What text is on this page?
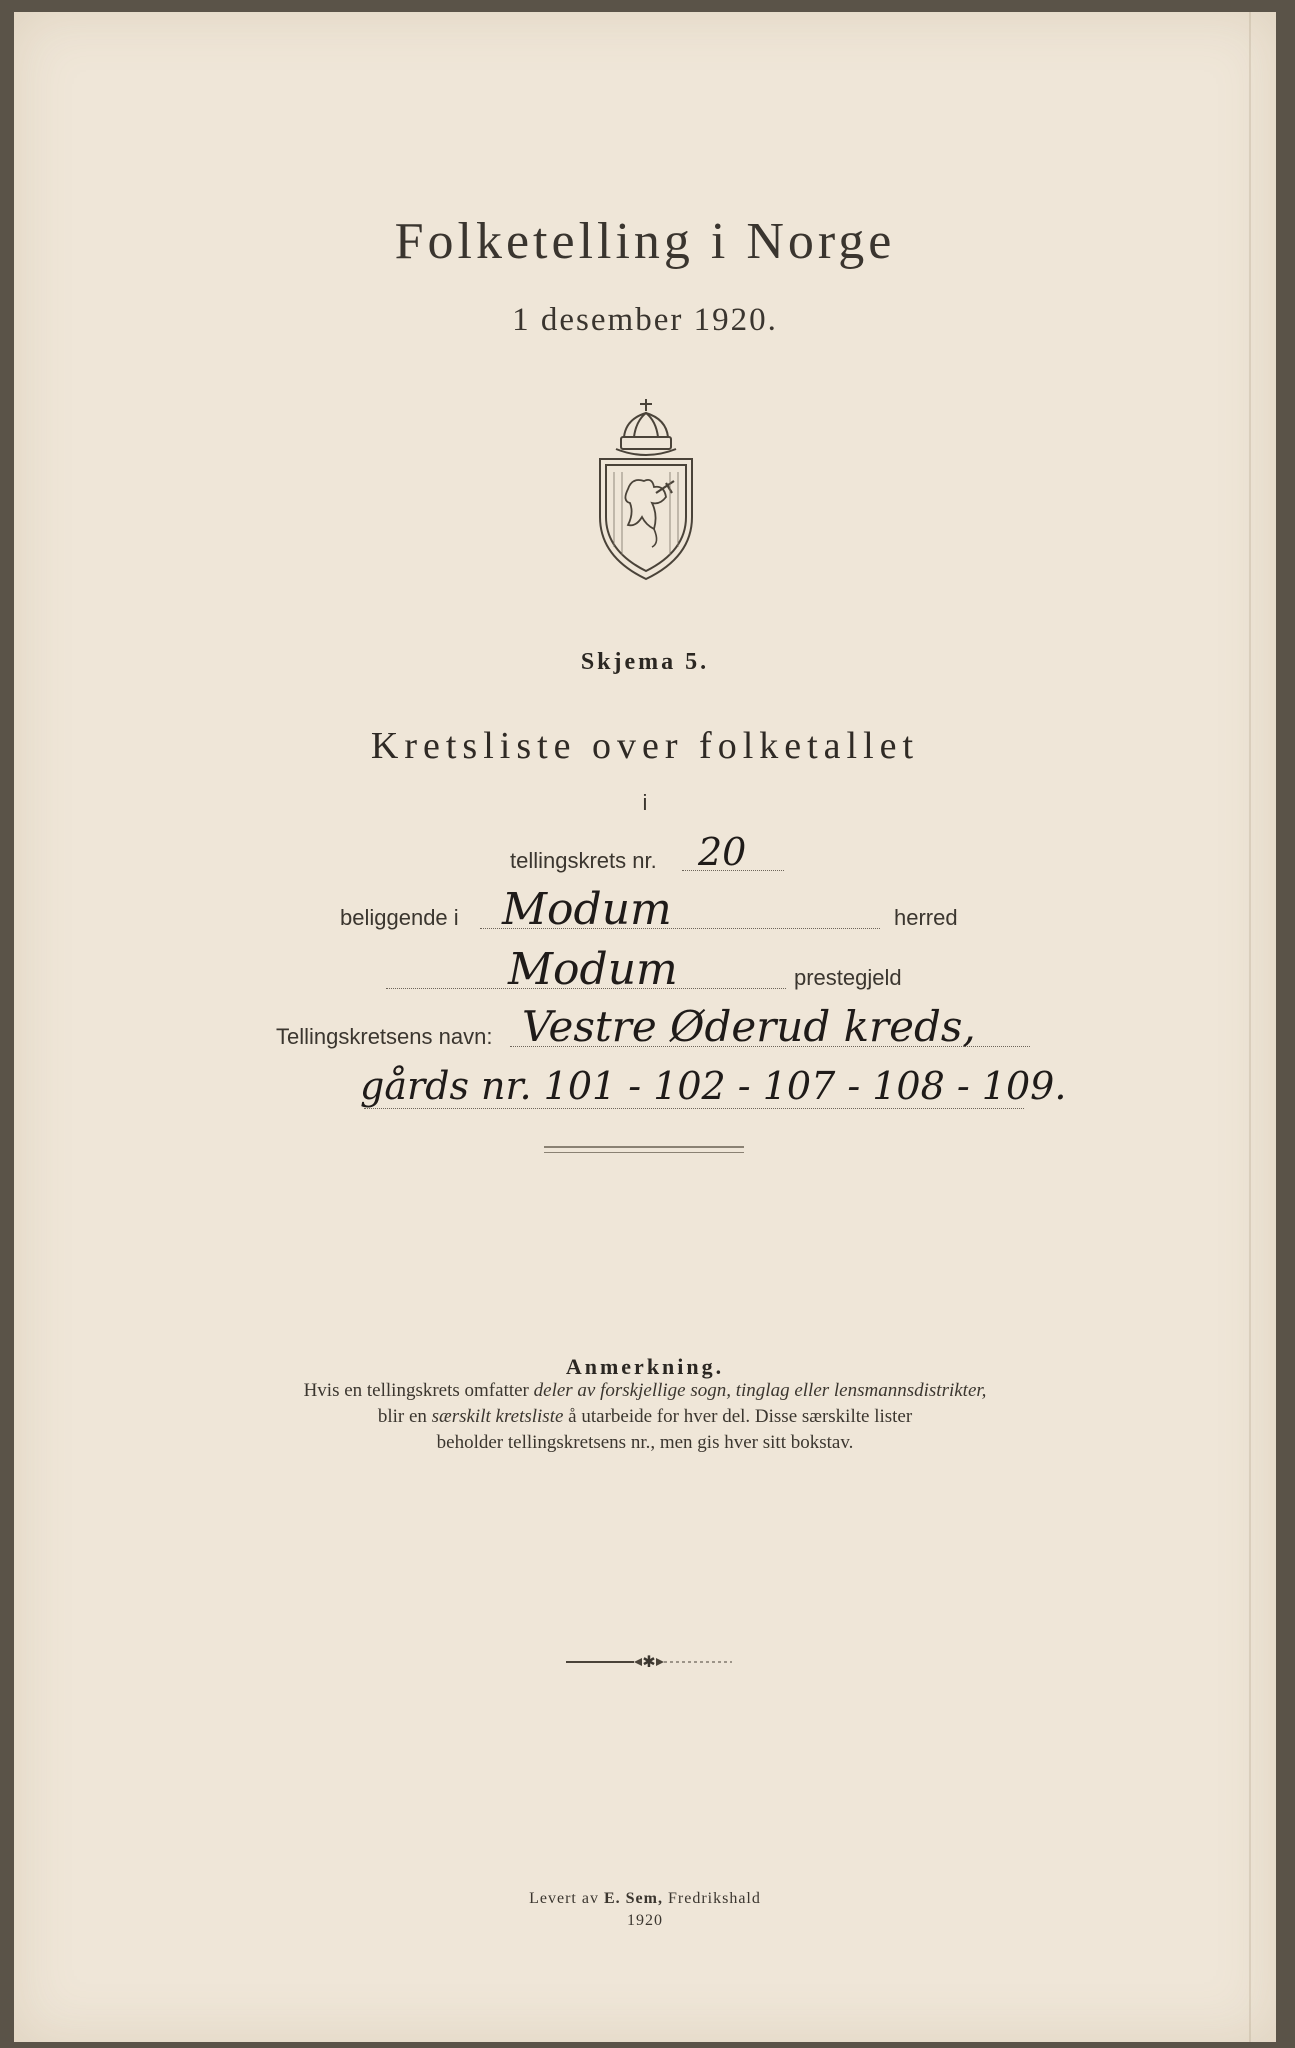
Folketelling i Norge
1 desember 1920.
Skjema 5.
Kretsliste over folketallet
i
tellingskrets nr. 20
beliggende i Modum	herred
Modum	prestegjeld
Tellingskretsens navn: Vestre Øderud kreds,
gårds nr. 101 - 102 - 107 - 108 - 109.
Anmerkning.
Hvis en tellingskrets omfatter deler av forskjellige sogn, tinglag eller lensmannsdistrikter,
blir en særskilt kretsliste å utarbeide for hver del. Disse særskilte lister
beholder tellingskretsens nr., men gis hver sitt bokstav.
✱
Levert av E. Sem, Fredrikshald
1920
